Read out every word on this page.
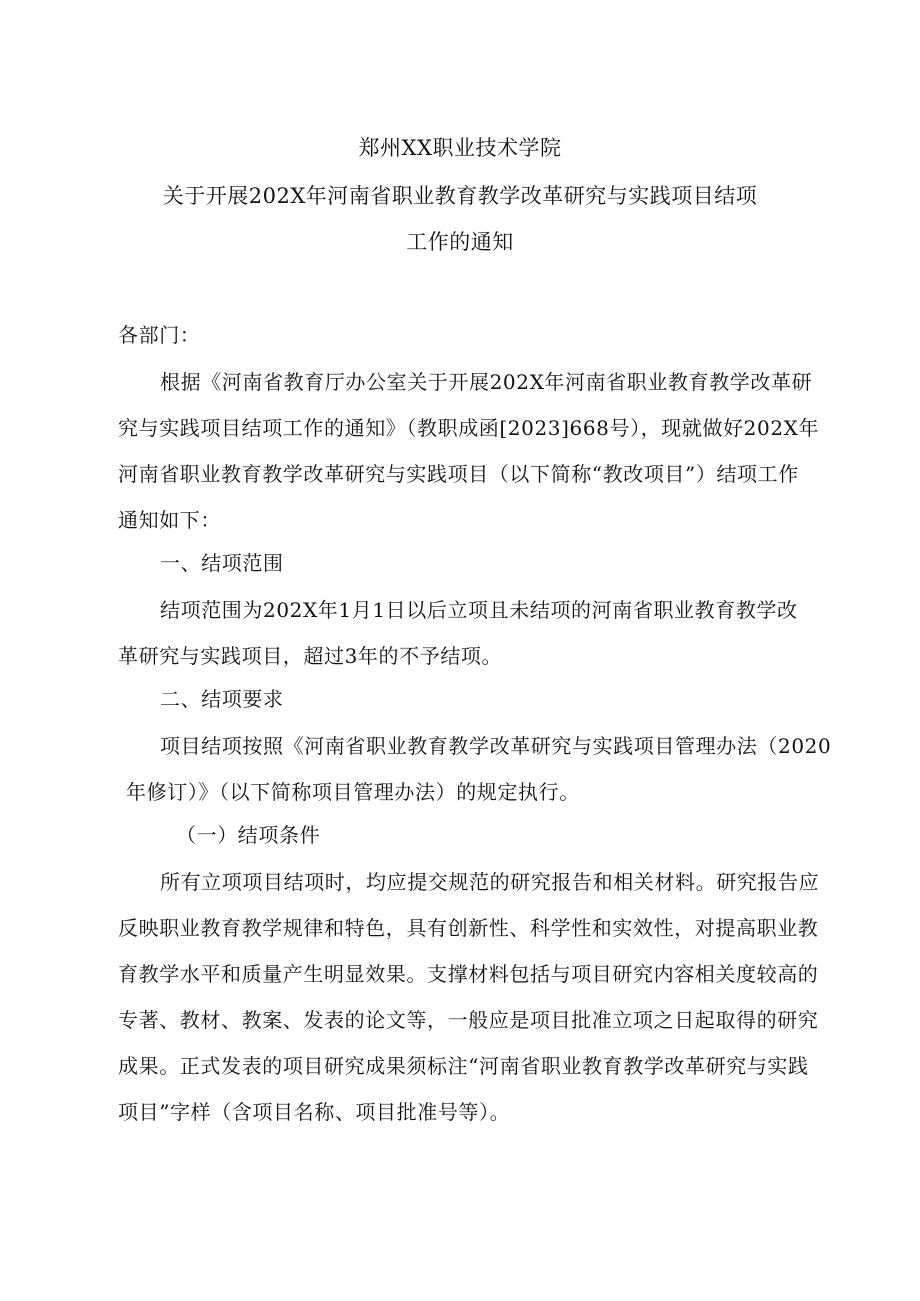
郑州XX职业技术学院
关于开展202X年河南省职业教育教学改革研究与实践项目结项
工作的通知
各部门：
根据《河南省教育厅办公室关于开展202X年河南省职业教育教学改革研
究与实践项目结项工作的通知》（教职成函[2023]668号），现就做好202X年
河南省职业教育教学改革研究与实践项目（以下简称“教改项目”）结项工作
通知如下：
一、结项范围
结项范围为202X年1月1日以后立项且未结项的河南省职业教育教学改
革研究与实践项目，超过3年的不予结项。
二、结项要求
项目结项按照《河南省职业教育教学改革研究与实践项目管理办法（2020
年修订）》（以下简称项目管理办法）的规定执行。
（一）结项条件
所有立项项目结项时，均应提交规范的研究报告和相关材料。研究报告应
反映职业教育教学规律和特色，具有创新性、科学性和实效性，对提高职业教
育教学水平和质量产生明显效果。支撑材料包括与项目研究内容相关度较高的
专著、教材、教案、发表的论文等，一般应是项目批准立项之日起取得的研究
成果。正式发表的项目研究成果须标注“河南省职业教育教学改革研究与实践
项目”字样（含项目名称、项目批准号等）。
